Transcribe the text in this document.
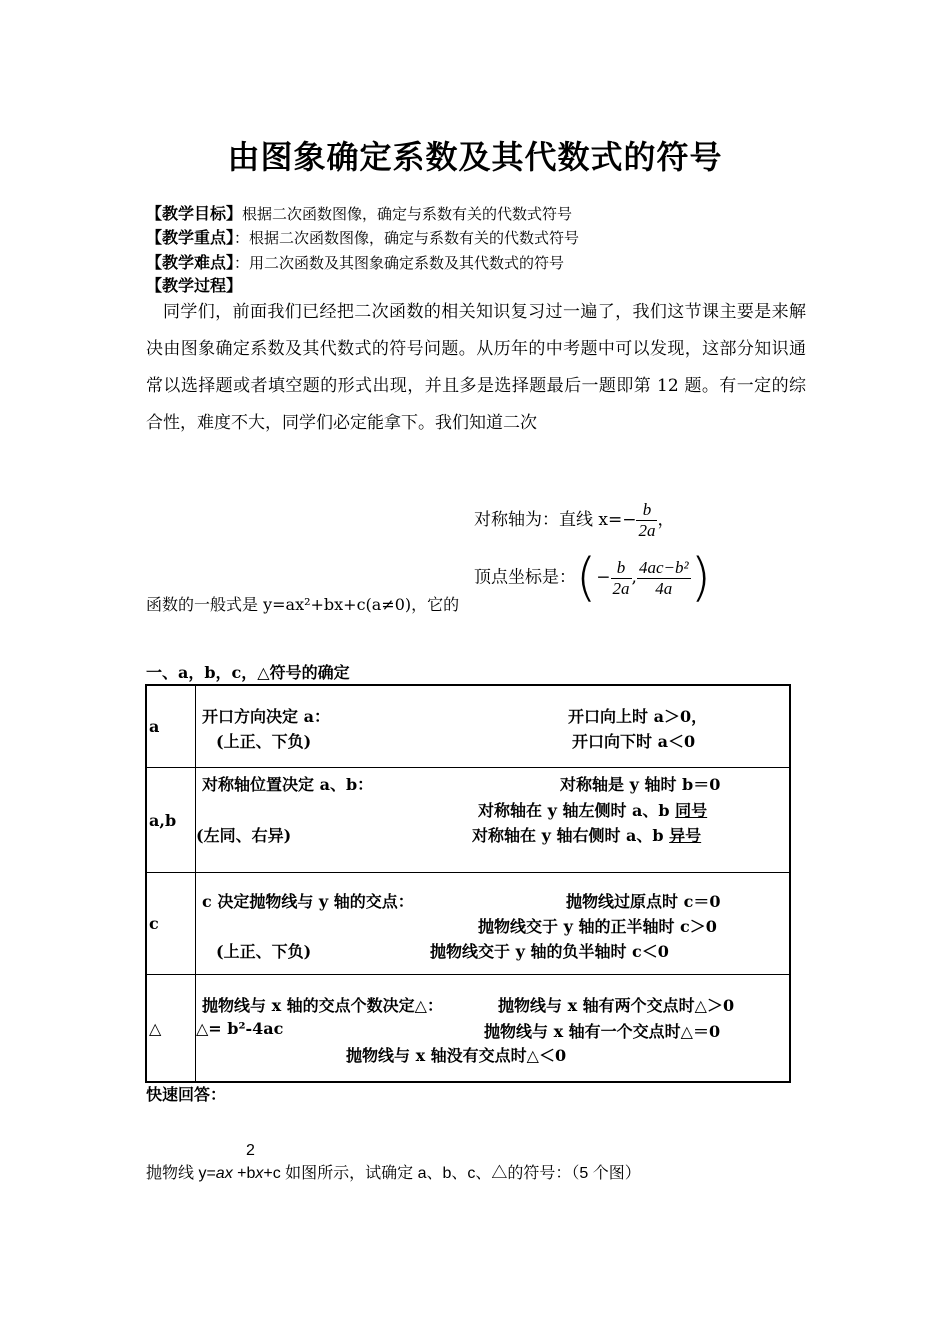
由图象确定系数及其代数式的符号
【教学目标】根据二次函数图像，确定与系数有关的代数式符号
【教学重点】：根据二次函数图像，确定与系数有关的代数式符号
【教学难点】：用二次函数及其图象确定系数及其代数式的符号
【教学过程】

同学们，前面我们已经把二次函数的相关知识复习过一遍了，我们这节课主要是来解决由图象确定系数及其代数式的符号问题。从历年的中考题中可以发现，这部分知识通常以选择题或者填空题的形式出现，并且多是选择题最后一题即第 12 题。有一定的综合性，难度不大，同学们必定能拿下。我们知道二次

对称轴为：直线 $x=- \frac{b}{2a}$ ，
顶点坐标是：(− $\frac{b}{2a}$ , $\frac{\text{4ac−b²}}{4a}$ )
函数的一般式是 y=ax²+bx+c(a≠0)，它的
一、a，b，c，△符号的确定
a	开口方向决定 a：
(上正、下负)
开口向上时 a＞0，
开口向下时 a＜0

a,b	对称轴位置决定 a、b：
(左同、右异)
对称轴是 y 轴时 b＝0
对称轴在 y 轴左侧时 a、b 同号
对称轴在 y 轴右侧时 a、b 异号

c	c 决定抛物线与 y 轴的交点：
(上正、下负)
抛物线过原点时 c＝0
抛物线交于 y 轴的正半轴时 c＞0
抛物线交于 y 轴的负半轴时 c＜0

△	抛物线与 x 轴的交点个数决定△：
△= b²-4ac
抛物线与 x 轴有两个交点时△＞0
抛物线与 x 轴有一个交点时△＝0
抛物线与 x 轴没有交点时△＜0
快速回答：
2
抛物线 y=ax +bx+c 如图所示，试确定 a、b、c、△的符号：（5 个图）
